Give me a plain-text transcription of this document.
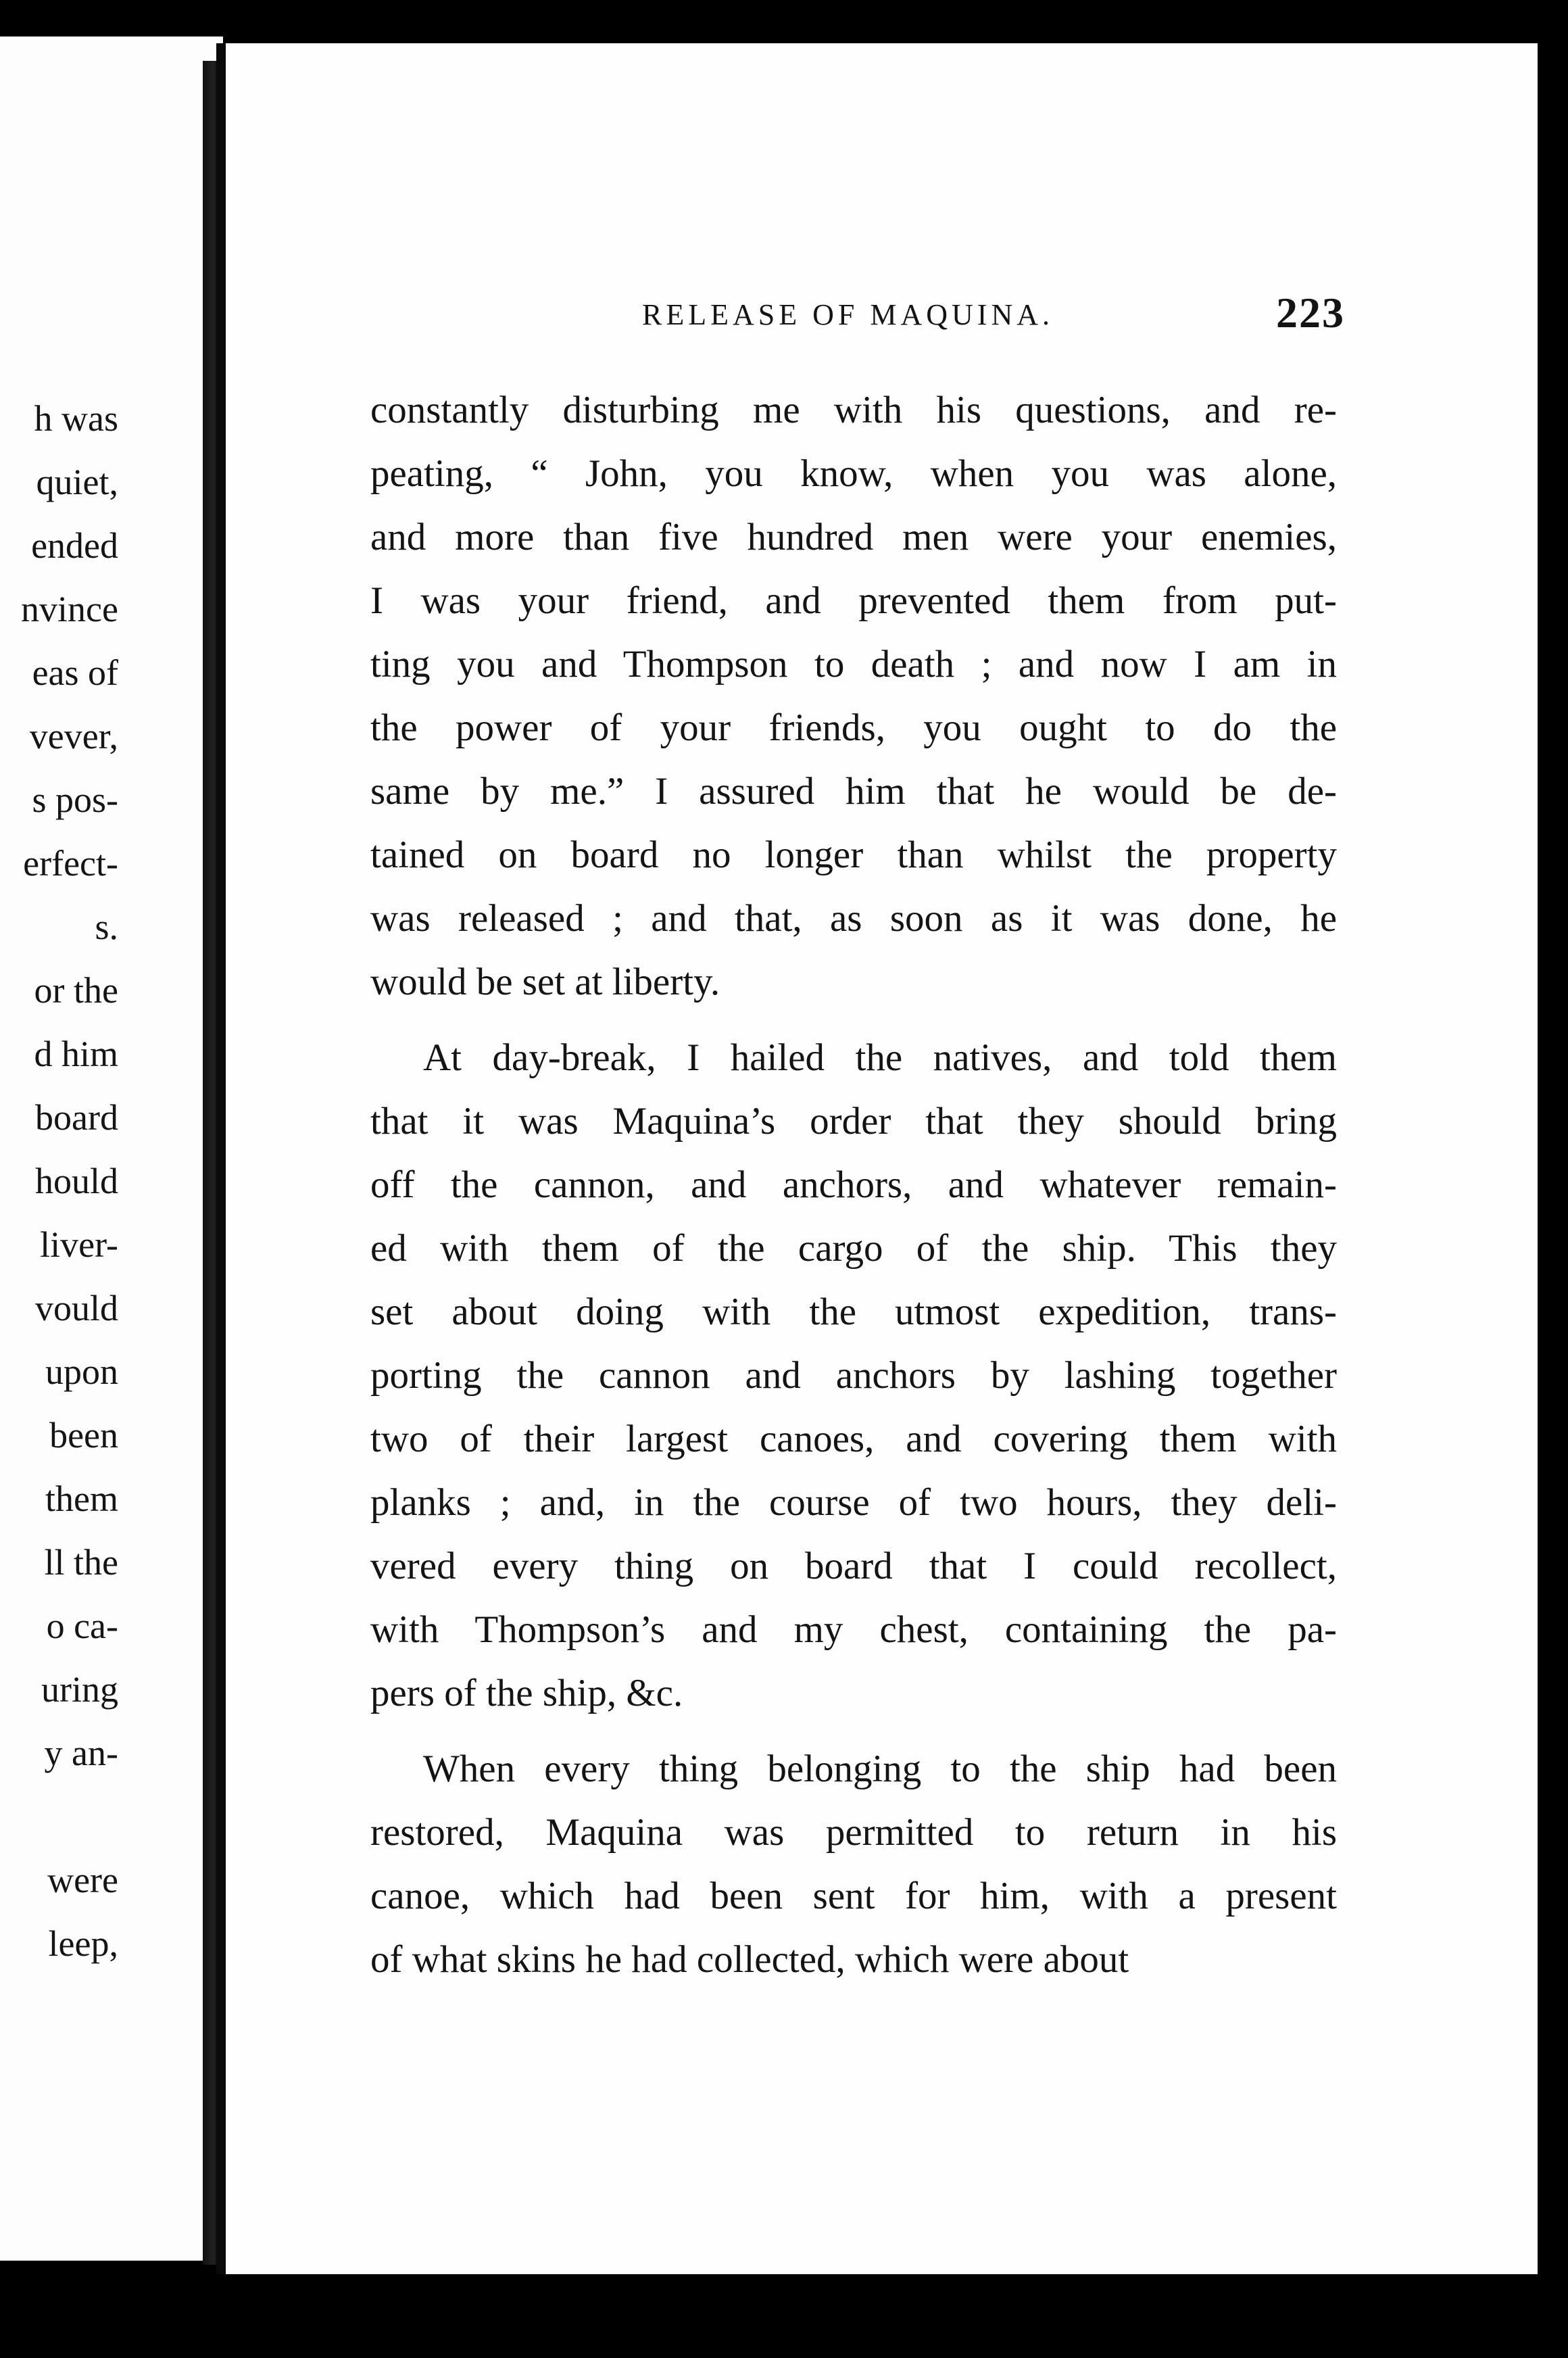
h was
quiet,
ended
nvince
eas of
vever,
s pos-
erfect-
s.
or the
d him
board
hould
liver-
vould
upon
been
them
ll the
o ca-
uring
y an-
were
leep,
RELEASE OF MAQUINA.	223
constantly disturbing me with his questions, and re-
peating, “ John, you know, when you was alone,
and more than five hundred men were your enemies,
I was your friend, and prevented them from put-
ting you and Thompson to death ; and now I am in
the power of your friends, you ought to do the
same by me.” I assured him that he would be de-
tained on board no longer than whilst the property
was released ; and that, as soon as it was done, he
would be set at liberty.
At day-break, I hailed the natives, and told them
that it was Maquina’s order that they should bring
off the cannon, and anchors, and whatever remain-
ed with them of the cargo of the ship. This they
set about doing with the utmost expedition, trans-
porting the cannon and anchors by lashing together
two of their largest canoes, and covering them with
planks ; and, in the course of two hours, they deli-
vered every thing on board that I could recollect,
with Thompson’s and my chest, containing the pa-
pers of the ship, &c.
When every thing belonging to the ship had been
restored, Maquina was permitted to return in his
canoe, which had been sent for him, with a present
of what skins he had collected, which were about
